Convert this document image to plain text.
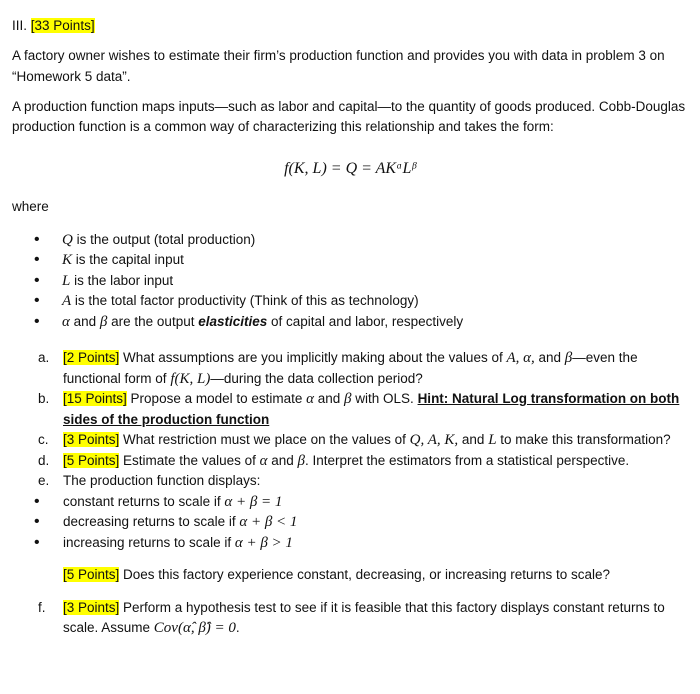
III. [33 Points]

A factory owner wishes to estimate their firm’s production function and provides you with data in problem 3 on “Homework 5 data”.

A production function maps inputs—such as labor and capital—to the quantity of goods produced. Cobb-Douglas production function is a common way of characterizing this relationship and takes the form:

f(K, L) = Q = AKᵅLᵝ

where

• Q is the output (total production)
• K is the capital input
• L is the labor input
• A is the total factor productivity (Think of this as technology)
• α and β are the output elasticities of capital and labor, respectively
a. [2 Points] What assumptions are you implicitly making about the values of A, α, and β—even the functional form of f(K, L)—during the data collection period?
b. [15 Points] Propose a model to estimate α and β with OLS. Hint: Natural Log transformation on both sides of the production function
c. [3 Points] What restriction must we place on the values of Q, A, K, and L to make this transformation?
d. [5 Points] Estimate the values of α and β. Interpret the estimators from a statistical perspective.
e. The production function displays:
• constant returns to scale if α + β = 1
• decreasing returns to scale if α + β < 1
• increasing returns to scale if α + β > 1
[5 Points] Does this factory experience constant, decreasing, or increasing returns to scale?
f. [3 Points] Perform a hypothesis test to see if it is feasible that this factory displays constant returns to scale. Assume Cov(α̂, β̂) = 0.
